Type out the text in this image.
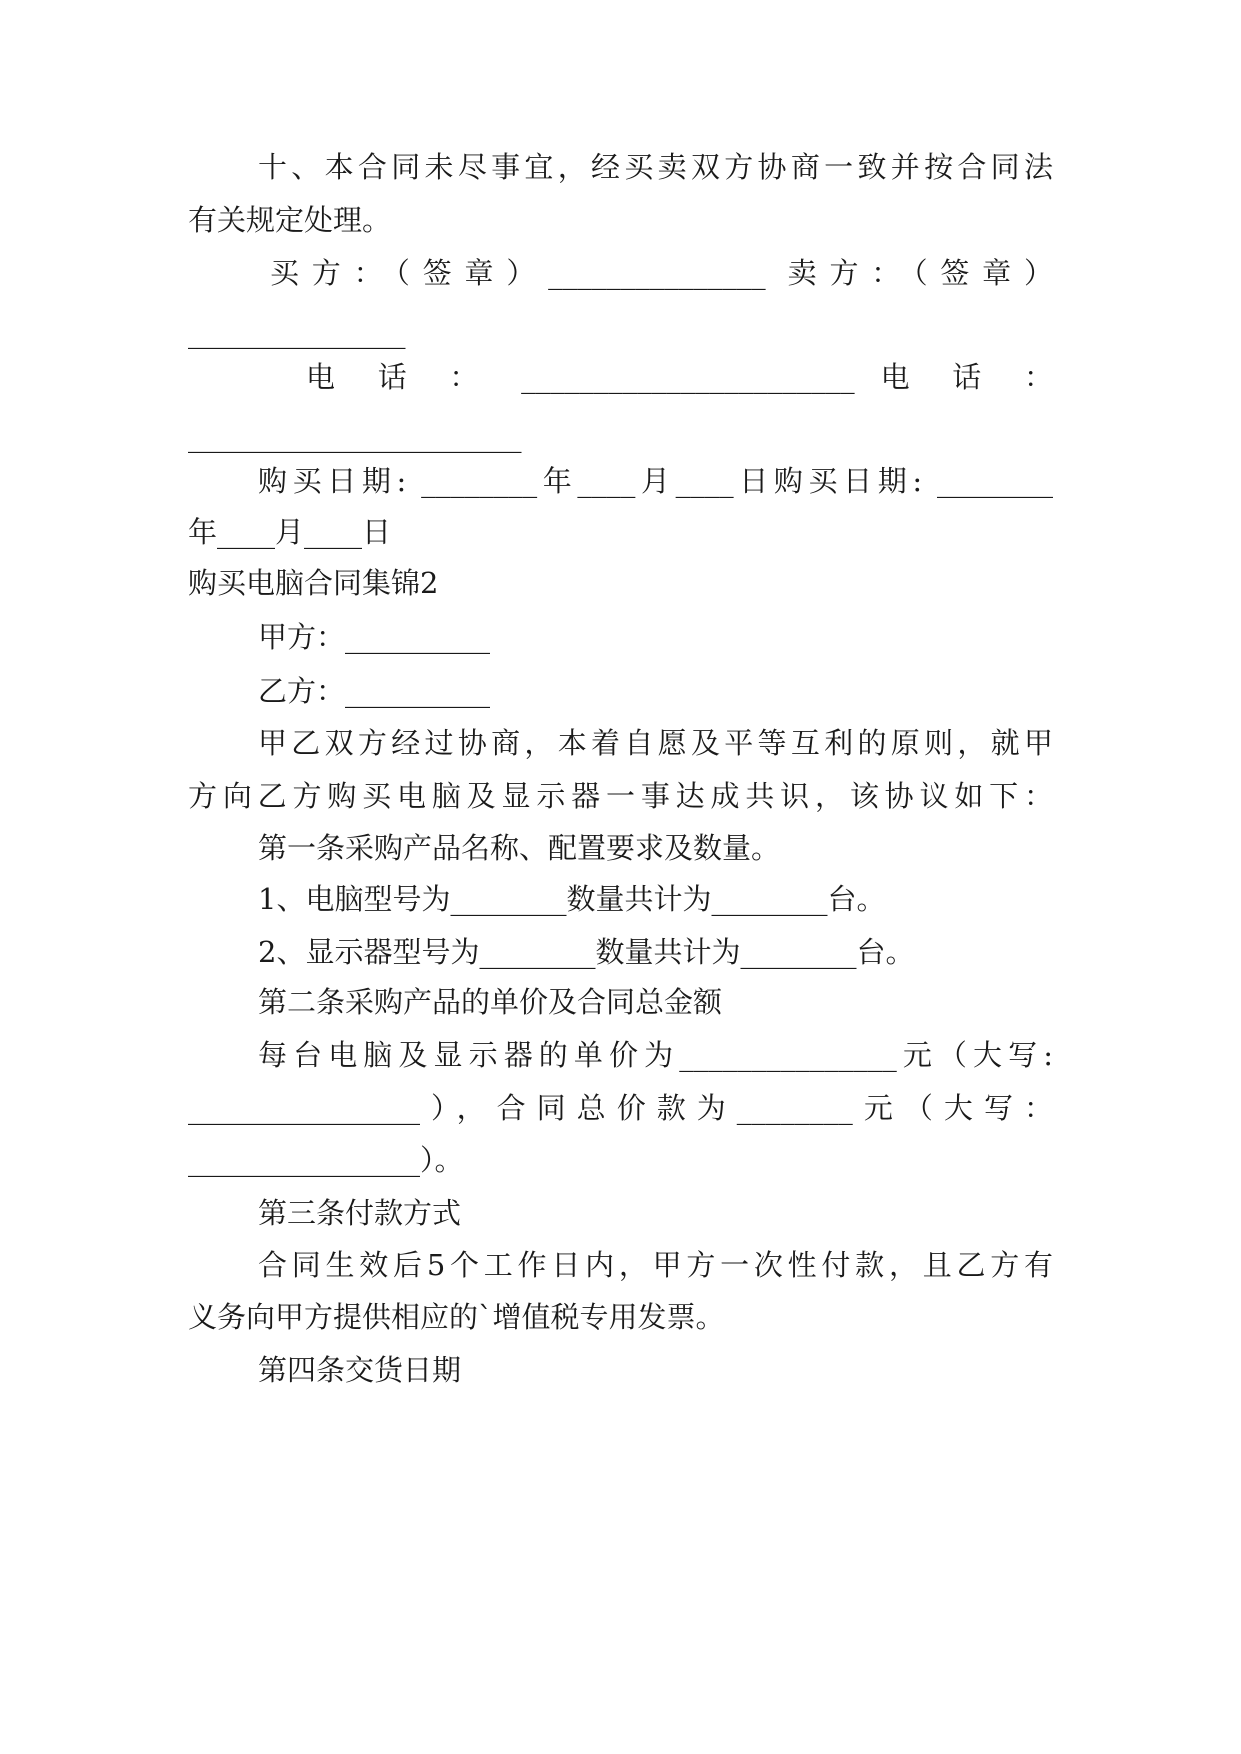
十、本合同未尽事宜，经买卖双方协商一致并按合同法
有关规定处理。
买方：（签章）_______________ 卖方：（签章）
_______________
电 话 ： _______________________ 电 话 ：
_______________________
购买日期: ________年____月____日购买日期: ________
年____月____日
购买电脑合同集锦2
甲方：__________
乙方：__________
甲乙双方经过协商，本着自愿及平等互利的原则，就甲
方向乙方购买电脑及显示器一事达成共识，该协议如下：
第一条采购产品名称、配置要求及数量。
1、电脑型号为________数量共计为________台。
2、显示器型号为________数量共计为________台。
第二条采购产品的单价及合同总金额
每台电脑及显示器的单价为_______________元（大写:
________________），合同总价款为________元（大写：
________________）。
第三条付款方式
合同生效后5个工作日内，甲方一次性付款，且乙方有
义务向甲方提供相应的`增值税专用发票。
第四条交货日期
